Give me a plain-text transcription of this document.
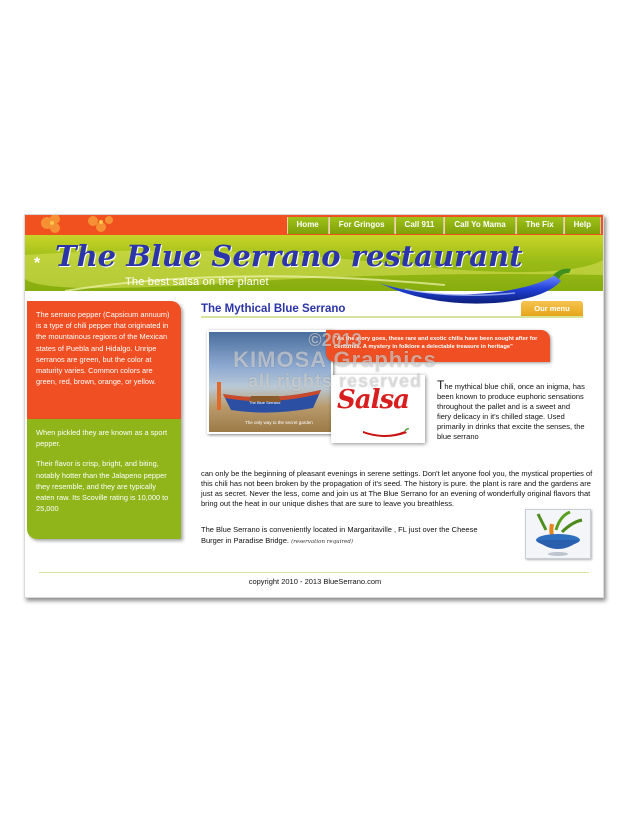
Home	For Gringos	Call 911	Call Yo Mama	The Fix	Help
* The Blue Serrano restaurant
The best salsa on the planet

The serrano pepper (Capsicum annuum) is a type of chili pepper that originated in the mountainous regions of the Mexican states of Puebla and Hidalgo. Unripe serranos are green, but the color at maturity varies. Common colors are green, red, brown, orange, or yellow.

When pickled they are known as a sport pepper.

Their flavor is crisp, bright, and biting, notably hotter than the Jalapeno pepper they resemble, and they are typically eaten raw. Its Scoville rating is 10,000 to 25,000

The Mythical Blue Serrano	Our menu
The Blue Serrano
The only way to the secret garden

"As the story goes, these rare and exotic chilis have been sought after for centuries. A mystery in folklore a delectable treasure in heritage"

Salsa The mythical blue chili, once an inigma, has been known to produce euphoric sensations throughout the pallet and is a sweet and fiery delicacy in it's chilled stage. Used primarily in drinks that excite the senses, the blue serrano
can only be the beginning of pleasant evenings in serene settings. Don't let anyone fool you, the mystical properties of this chili has not been broken by the propagation of it's seed. The history is pure. the plant is rare and the gardens are just as secret. Never the less, come and join us at The Blue Serrano for an evening of wonderfully original flavors that bring out the heat in our unique dishes that are sure to leave you breathless.
The Blue Serrano is conveniently located in Margaritaville , FL just over the Cheese Burger in Paradise Bridge. (reservation required)
copyright 2010 - 2013 BlueSerrano.com
©2013
KIMOSA Graphics
all rights reserved
